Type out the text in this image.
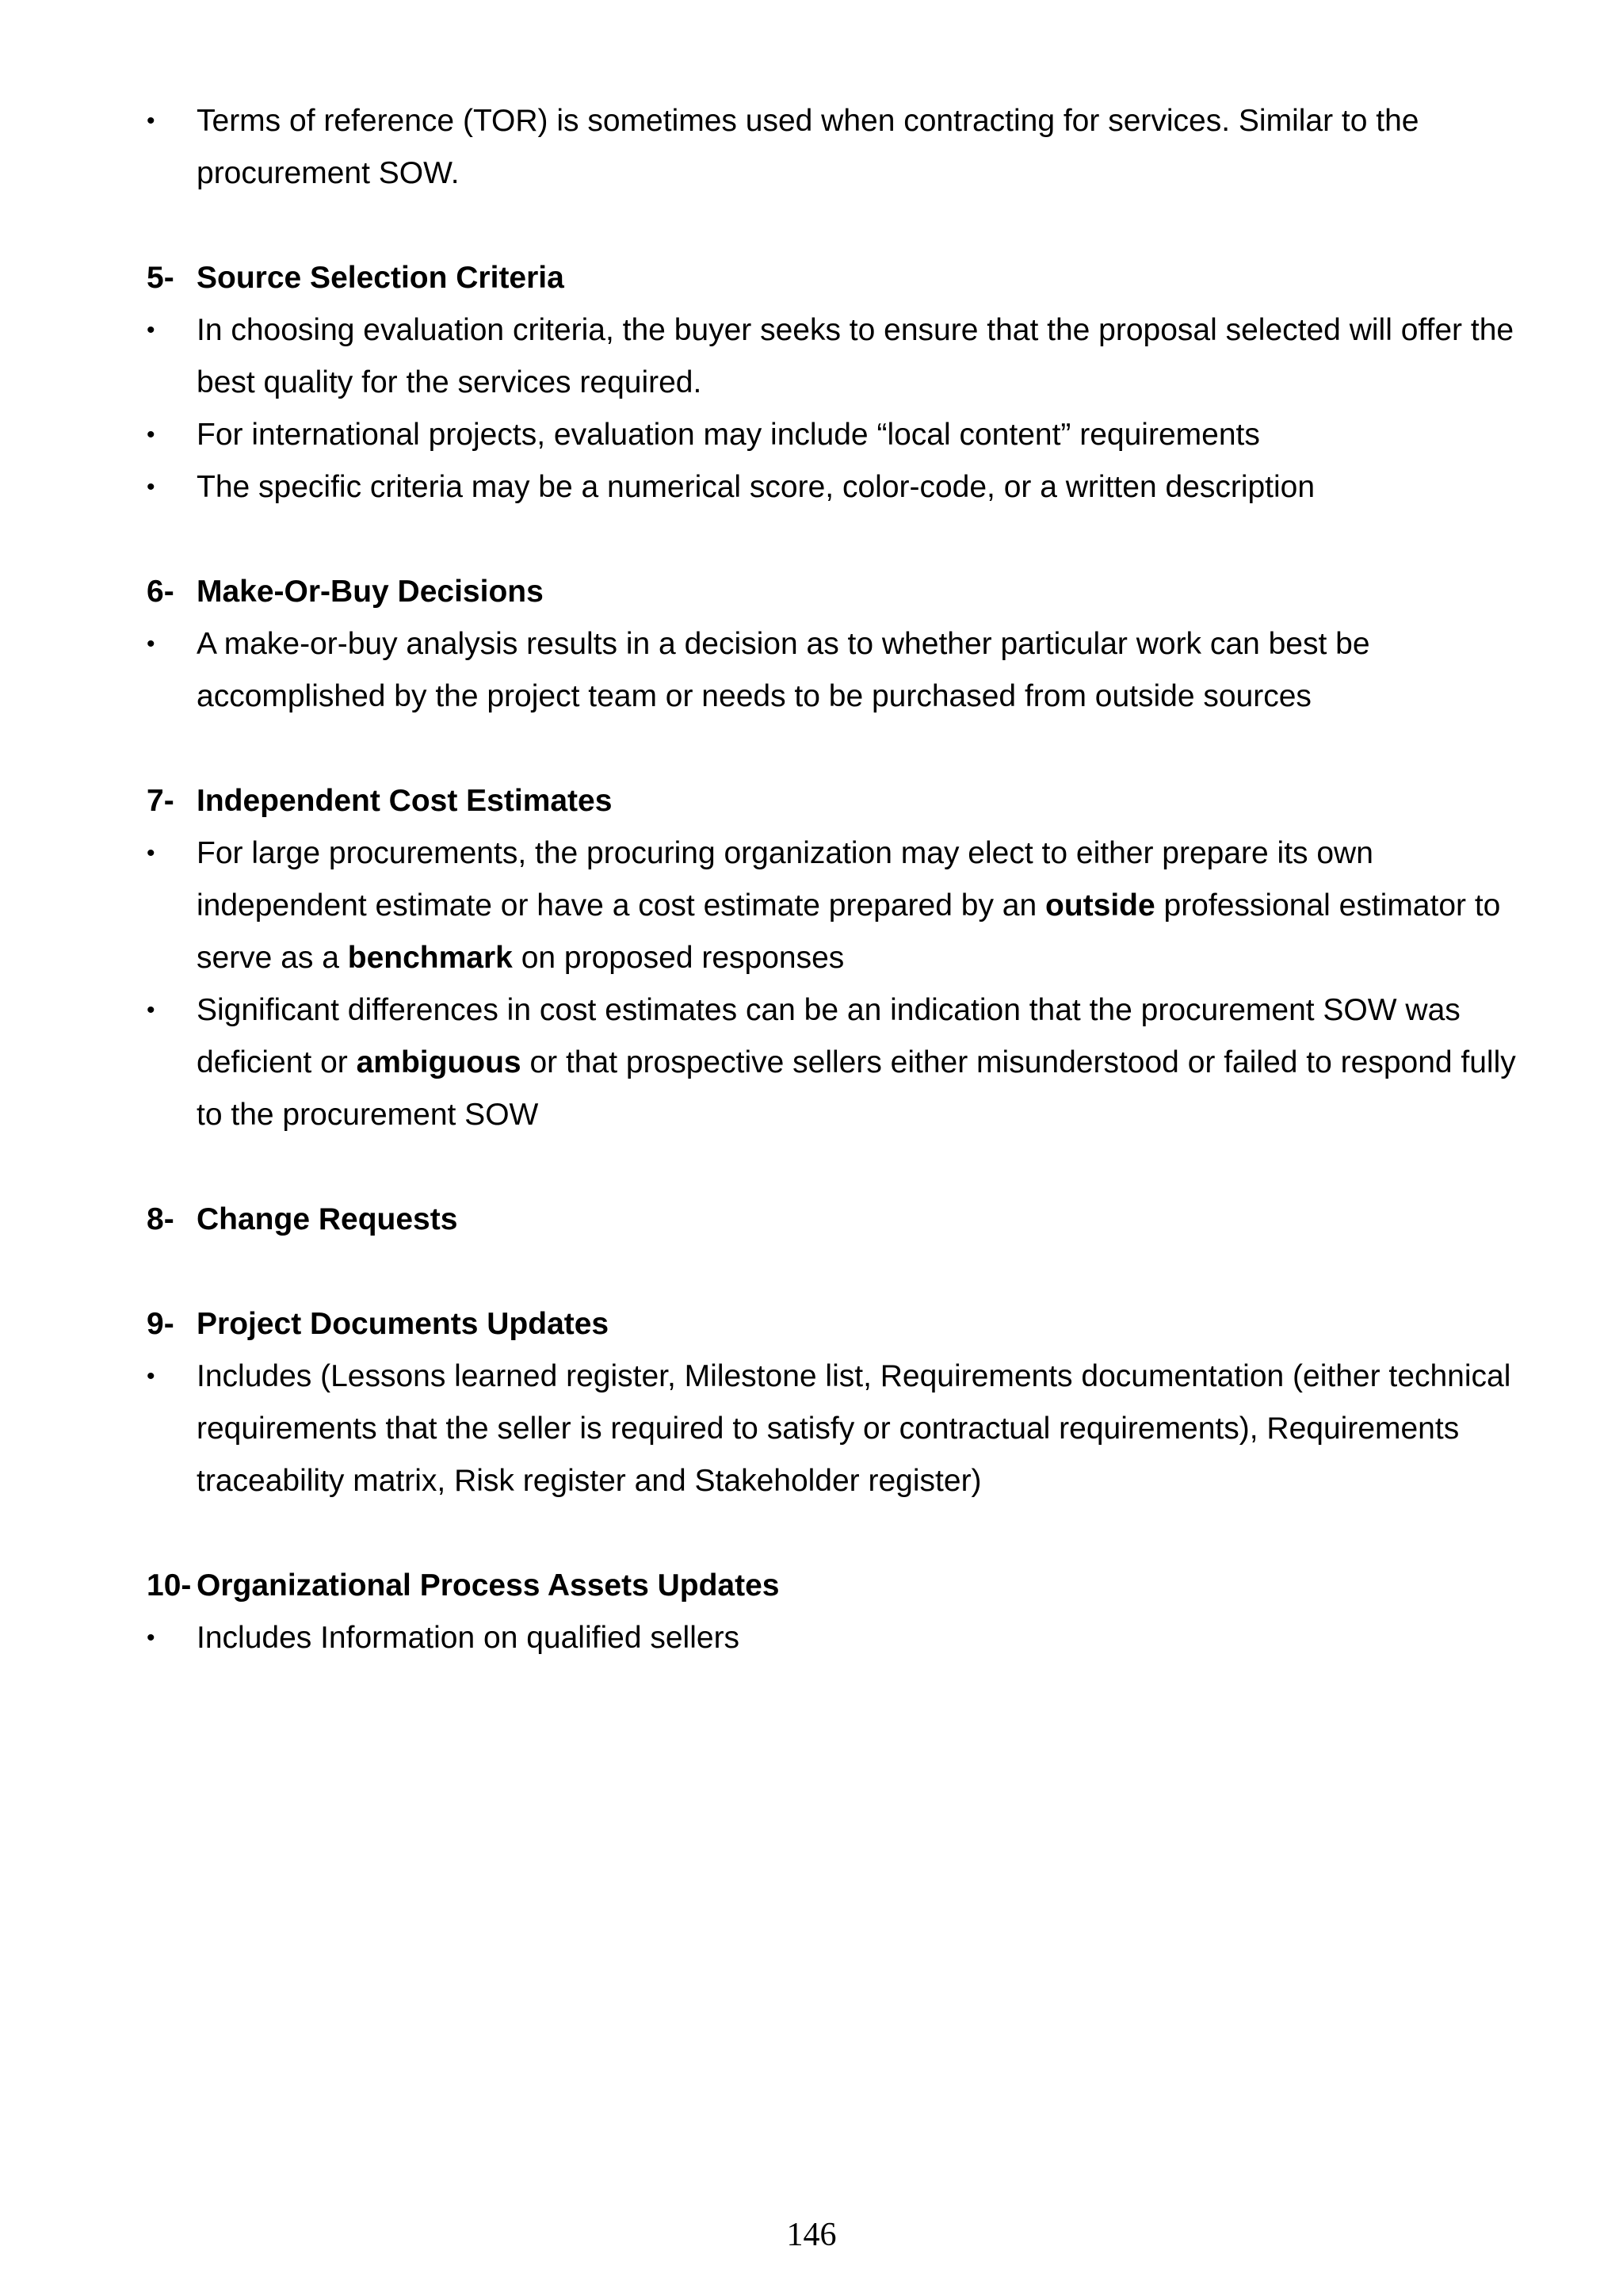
• Terms of reference (TOR) is sometimes used when contracting for services. Similar to the procurement SOW.
5- Source Selection Criteria
• In choosing evaluation criteria, the buyer seeks to ensure that the proposal selected will offer the best quality for the services required.
• For international projects, evaluation may include “local content” requirements
• The specific criteria may be a numerical score, color-code, or a written description
6- Make-Or-Buy Decisions
• A make-or-buy analysis results in a decision as to whether particular work can best be accomplished by the project team or needs to be purchased from outside sources
7- Independent Cost Estimates
• For large procurements, the procuring organization may elect to either prepare its own independent estimate or have a cost estimate prepared by an outside professional estimator to serve as a benchmark on proposed responses
• Significant differences in cost estimates can be an indication that the procurement SOW was deficient or ambiguous or that prospective sellers either misunderstood or failed to respond fully to the procurement SOW
8- Change Requests
9- Project Documents Updates
• Includes (Lessons learned register, Milestone list, Requirements documentation (either technical requirements that the seller is required to satisfy or contractual requirements), Requirements traceability matrix, Risk register and Stakeholder register)
10- Organizational Process Assets Updates
• Includes Information on qualified sellers
146
